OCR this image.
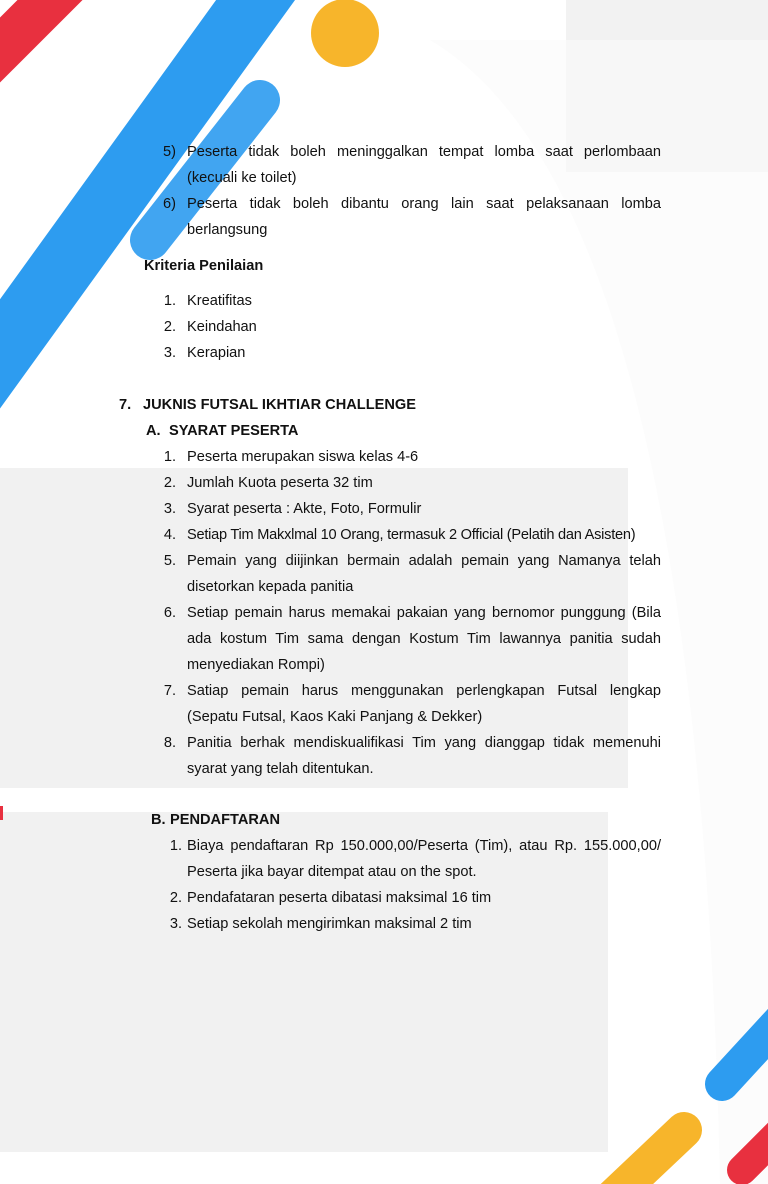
5) Peserta tidak boleh meninggalkan tempat lomba saat perlombaan
(kecuali ke toilet)
6) Peserta tidak boleh dibantu orang lain saat pelaksanaan lomba
berlangsung
Kriteria Penilaian
1. Kreatifitas
2. Keindahan
3. Kerapian
7. JUKNIS FUTSAL IKHTIAR CHALLENGE
A. SYARAT PESERTA
1. Peserta merupakan siswa kelas 4-6
2. Jumlah Kuota peserta 32 tim
3. Syarat peserta : Akte, Foto, Formulir
4. Setiap Tim Makxlmal 10 Orang, termasuk 2 Official (Pelatih dan Asisten)
5. Pemain yang diijinkan bermain adalah pemain yang Namanya telah
disetorkan kepada panitia
6. Setiap pemain harus memakai pakaian yang bernomor punggung (Bila
ada kostum Tim sama dengan Kostum Tim lawannya panitia sudah
menyediakan Rompi)
7. Satiap pemain harus menggunakan perlengkapan Futsal lengkap
(Sepatu Futsal, Kaos Kaki Panjang & Dekker)
8. Panitia berhak mendiskualifikasi Tim yang dianggap tidak memenuhi
syarat yang telah ditentukan.
B. PENDAFTARAN
1. Biaya pendaftaran Rp 150.000,00/Peserta (Tim), atau Rp. 155.000,00/
Peserta jika bayar ditempat atau on the spot.
2. Pendafataran peserta dibatasi maksimal 16 tim
3. Setiap sekolah mengirimkan maksimal 2 tim
